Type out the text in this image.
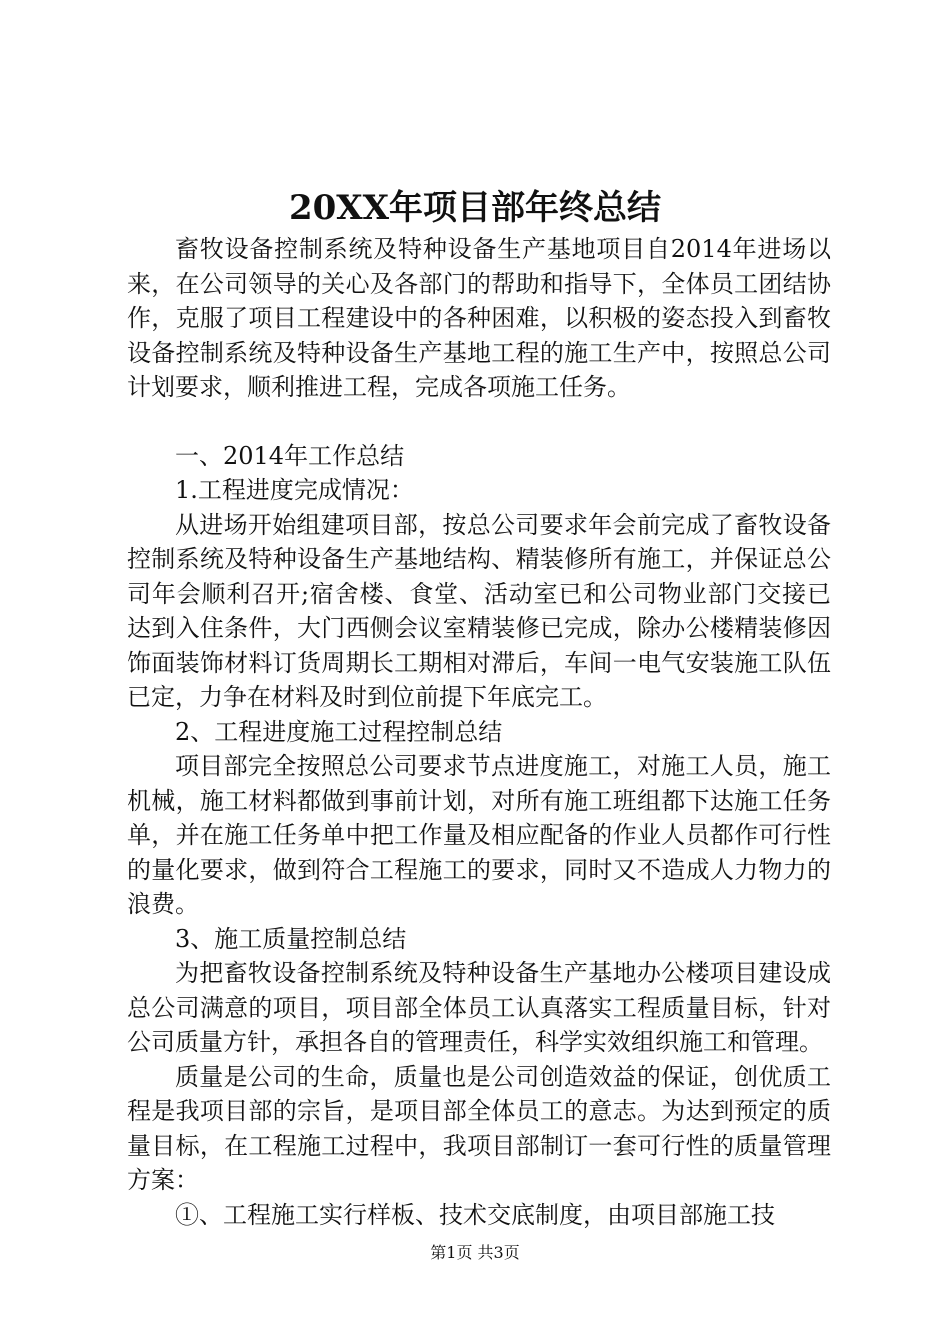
20XX年项目部年终总结

畜牧设备控制系统及特种设备生产基地项目自2014年进场以来，在公司领导的关心及各部门的帮助和指导下，全体员工团结协作，克服了项目工程建设中的各种困难，以积极的姿态投入到畜牧设备控制系统及特种设备生产基地工程的施工生产中，按照总公司计划要求，顺利推进工程，完成各项施工任务。

一、2014年工作总结

1.工程进度完成情况：

从进场开始组建项目部，按总公司要求年会前完成了畜牧设备控制系统及特种设备生产基地结构、精装修所有施工，并保证总公司年会顺利召开;宿舍楼、食堂、活动室已和公司物业部门交接已达到入住条件，大门西侧会议室精装修已完成，除办公楼精装修因饰面装饰材料订货周期长工期相对滞后，车间一电气安装施工队伍已定，力争在材料及时到位前提下年底完工。

2、工程进度施工过程控制总结

项目部完全按照总公司要求节点进度施工，对施工人员，施工机械，施工材料都做到事前计划，对所有施工班组都下达施工任务单，并在施工任务单中把工作量及相应配备的作业人员都作可行性的量化要求，做到符合工程施工的要求，同时又不造成人力物力的浪费。

3、施工质量控制总结

为把畜牧设备控制系统及特种设备生产基地办公楼项目建设成总公司满意的项目，项目部全体员工认真落实工程质量目标，针对公司质量方针，承担各自的管理责任，科学实效组织施工和管理。

质量是公司的生命，质量也是公司创造效益的保证，创优质工程是我项目部的宗旨，是项目部全体员工的意志。为达到预定的质量目标，在工程施工过程中，我项目部制订一套可行性的质量管理方案：

①、工程施工实行样板、技术交底制度，由项目部施工技

第1页 共3页
